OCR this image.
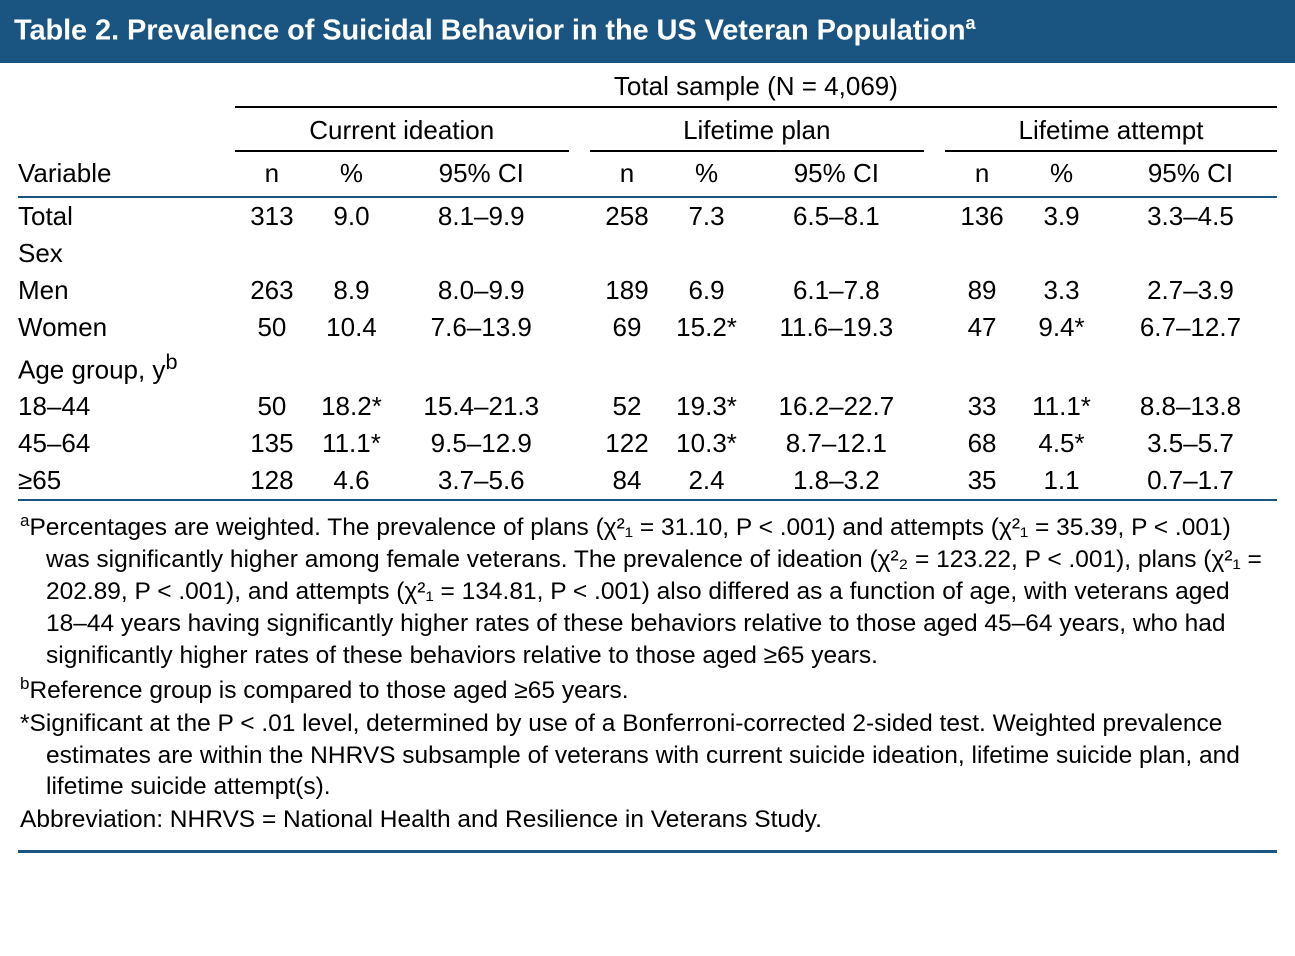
Table 2. Prevalence of Suicidal Behavior in the US Veteran Population$^a$
	Total sample (N = 4,069)										
	Current ideation				Lifetime plan				Lifetime attempt		
Variable	n	%	95% CI		n	%	95% CI		n	%	95% CI
Total	313	9.0	8.1–9.9		258	7.3	6.5–8.1		136	3.9	3.3–4.5
Sex											
Men	263	8.9	8.0–9.9		189	6.9	6.1–7.8		89	3.3	2.7–3.9
Women	50	10.4	7.6–13.9		69	15.2*	11.6–19.3		47	9.4*	6.7–12.7
Age group, $y^b$											
18–44	50	18.2*	15.4–21.3		52	19.3*	16.2–22.7		33	11.1*	8.8–13.8
45–64	135	11.1*	9.5–12.9		122	10.3*	8.7–12.1		68	4.5*	3.5–5.7
≥65	128	4.6	3.7–5.6		84	2.4	1.8–3.2		35	1.1	0.7–1.7

$^a$Percentages are weighted. The prevalence of plans (χ²₁ = 31.10, P < .001) and attempts (χ²₁ = 35.39, P < .001) was significantly higher among female veterans. The prevalence of ideation (χ²₂ = 123.22, P < .001), plans (χ²₁ = 202.89, P < .001), and attempts (χ²₁ = 134.81, P < .001) also differed as a function of age, with veterans aged 18–44 years having significantly higher rates of these behaviors relative to those aged 45–64 years, who had significantly higher rates of these behaviors relative to those aged ≥65 years.

$^b$Reference group is compared to those aged ≥65 years.

*Significant at the P < .01 level, determined by use of a Bonferroni-corrected 2-sided test. Weighted prevalence estimates are within the NHRVS subsample of veterans with current suicide ideation, lifetime suicide plan, and lifetime suicide attempt(s).

Abbreviation: NHRVS = National Health and Resilience in Veterans Study.
